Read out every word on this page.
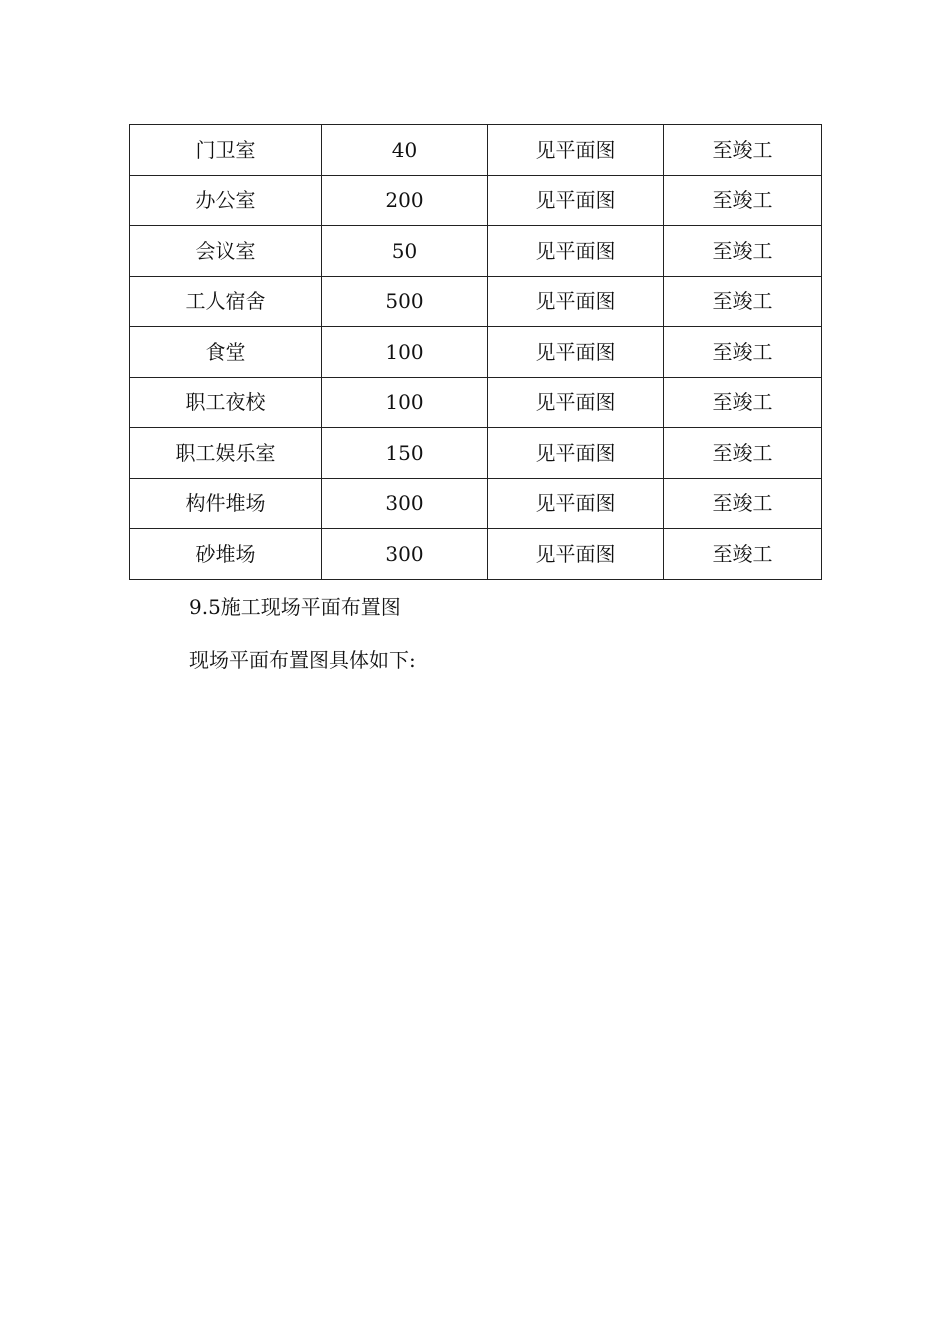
门卫室	40	见平面图	至竣工
办公室	200	见平面图	至竣工
会议室	50	见平面图	至竣工
工人宿舍	500	见平面图	至竣工
食堂	100	见平面图	至竣工
职工夜校	100	见平面图	至竣工
职工娱乐室	150	见平面图	至竣工
构件堆场	300	见平面图	至竣工
砂堆场	300	见平面图	至竣工
9.5施工现场平面布置图
现场平面布置图具体如下:
